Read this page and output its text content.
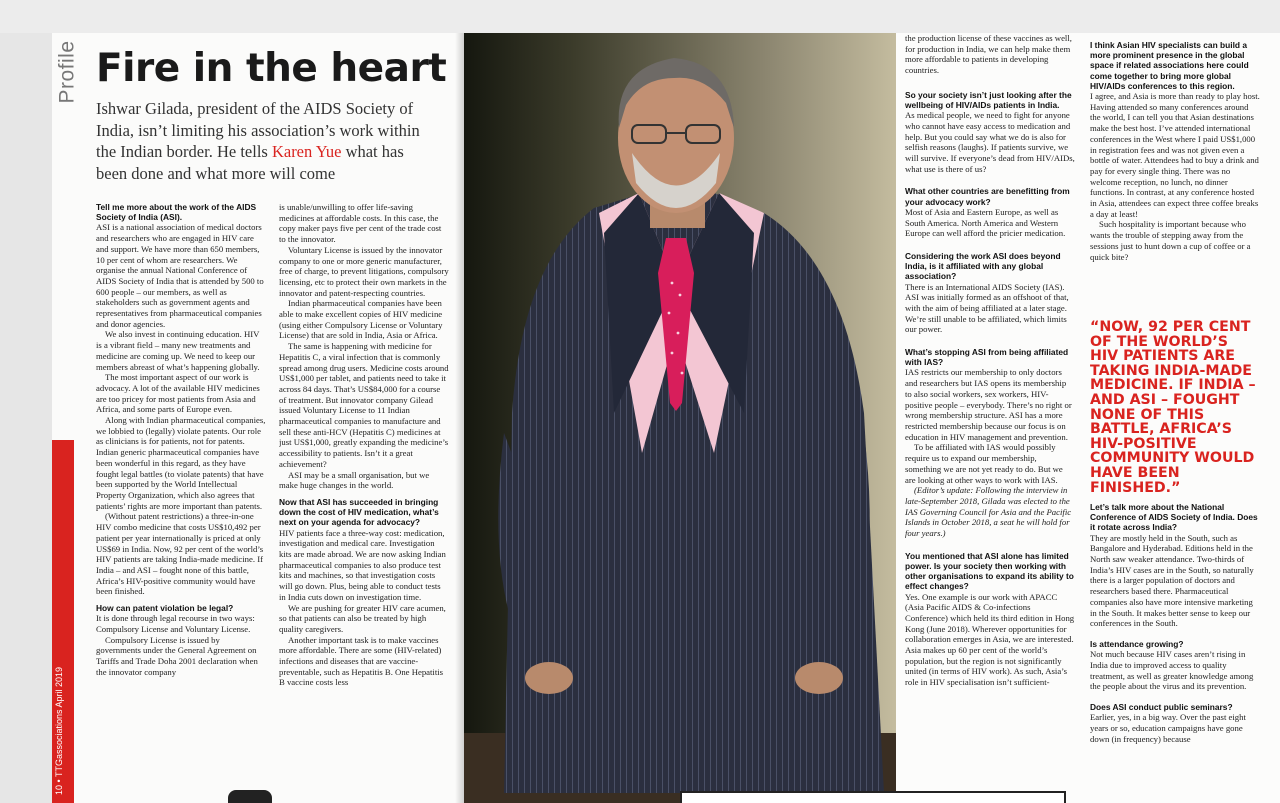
Profile
10 • TTGassociations April 2019
Fire in the heart

Ishwar Gilada, president of the AIDS Society of India, isn’t limiting his association’s work within the Indian border. He tells Karen Yue what has been done and what more will come

Tell me more about the work of the AIDS Society of India (ASI).

ASI is a national association of medical doctors and researchers who are engaged in HIV care and support. We have more than 650 members, 10 per cent of whom are researchers. We organise the annual National Conference of AIDS Society of India that is attended by 500 to 600 people – our members, as well as stakeholders such as government agents and representatives from pharmaceutical companies and donor agencies.

We also invest in continuing education. HIV is a vibrant field – many new treatments and medicine are coming up. We need to keep our members abreast of what’s happening globally.

The most important aspect of our work is advocacy. A lot of the available HIV medicines are too pricey for most patients from Asia and Africa, and some parts of Europe even.

Along with Indian pharmaceutical companies, we lobbied to (legally) violate patents. Our role as clinicians is for patients, not for patents. Indian generic pharmaceutical companies have been wonderful in this regard, as they have fought legal battles (to violate patents) that have been supported by the World Intellectual Property Organization, which also agrees that patients’ rights are more important than patents.

(Without patent restrictions) a three-in-one HIV combo medicine that costs US$10,492 per patient per year internationally is priced at only US$69 in India. Now, 92 per cent of the world’s HIV patients are taking India-made medicine. If India – and ASI – fought none of this battle, Africa’s HIV-positive community would have been finished.

How can patent violation be legal?

It is done through legal recourse in two ways: Compulsory License and Voluntary License.

Compulsory License is issued by governments under the General Agreement on Tariffs and Trade Doha 2001 declaration when the innovator company

is unable/unwilling to offer life-saving medicines at affordable costs. In this case, the copy maker pays five per cent of the trade cost to the innovator.

Voluntary License is issued by the innovator company to one or more generic manufacturer, free of charge, to prevent litigations, compulsory licensing, etc to protect their own markets in the innovator and patent-respecting countries.

Indian pharmaceutical companies have been able to make excellent copies of HIV medicine (using either Compulsory License or Voluntary License) that are sold in India, Asia or Africa.

The same is happening with medicine for Hepatitis C, a viral infection that is commonly spread among drug users. Medicine costs around US$1,000 per tablet, and patients need to take it across 84 days. That’s US$84,000 for a course of treatment. But innovator company Gilead issued Voluntary License to 11 Indian pharmaceutical companies to manufacture and sell these anti-HCV (Hepatitis C) medicines at just US$1,000, greatly expanding the medicine’s accessibility to patients. Isn’t it a great achievement?

ASI may be a small organisation, but we make huge changes in the world.

Now that ASI has succeeded in bringing down the cost of HIV medication, what’s next on your agenda for advocacy?

HIV patients face a three-way cost: medication, investigation and medical care. Investigation kits are made abroad. We are now asking Indian pharmaceutical companies to also produce test kits and machines, so that investigation costs will go down. Plus, being able to conduct tests in India cuts down on investigation time.

We are pushing for greater HIV care acumen, so that patients can also be treated by high quality caregivers.

Another important task is to make vaccines more affordable. There are some (HIV-related) infections and diseases that are vaccine-preventable, such as Hepatitis B. One Hepatitis B vaccine costs less

the production license of these vaccines as well, for production in India, we can help make them more affordable to patients in developing countries.

So your society isn’t just looking after the wellbeing of HIV/AIDs patients in India.

As medical people, we need to fight for anyone who cannot have easy access to medication and help. But you could say what we do is also for selfish reasons (laughs). If patients survive, we will survive. If everyone’s dead from HIV/AIDs, what use is there of us?

What other countries are benefitting from your advocacy work?

Most of Asia and Eastern Europe, as well as South America. North America and Western Europe can well afford the pricier medication.

Considering the work ASI does beyond India, is it affiliated with any global association?

There is an International AIDS Society (IAS). ASI was initially formed as an offshoot of that, with the aim of being affiliated at a later stage. We’re still unable to be affiliated, which limits our power.

What’s stopping ASI from being affiliated with IAS?

IAS restricts our membership to only doctors and researchers but IAS opens its membership to also social workers, sex workers, HIV-positive people – everybody. There’s no right or wrong membership structure. ASI has a more restricted membership because our focus is on education in HIV management and prevention.

To be affiliated with IAS would possibly require us to expand our membership, something we are not yet ready to do. But we are looking at other ways to work with IAS.

(Editor’s update: Following the interview in late-September 2018, Gilada was elected to the IAS Governing Council for Asia and the Pacific Islands in October 2018, a seat he will hold for four years.)

You mentioned that ASI alone has limited power. Is your society then working with other organisations to expand its ability to effect changes?

Yes. One example is our work with APACC (Asia Pacific AIDS & Co-infections Conference) which held its third edition in Hong Kong (June 2018). Wherever opportunities for collaboration emerges in Asia, we are interested. Asia makes up 60 per cent of the world’s population, but the region is not significantly united (in terms of HIV work). As such, Asia’s role in HIV specialisation isn’t sufficient-

I think Asian HIV specialists can build a more prominent presence in the global space if related associations here could come together to bring more global HIV/AIDs conferences to this region.

I agree, and Asia is more than ready to play host. Having attended so many conferences around the world, I can tell you that Asian destinations make the best host. I’ve attended international conferences in the West where I paid US$1,000 in registration fees and was not given even a bottle of water. Attendees had to buy a drink and pay for every single thing. There was no welcome reception, no lunch, no dinner functions. In contrast, at any conference hosted in Asia, attendees can expect three coffee breaks a day at least!

Such hospitality is important because who wants the trouble of stepping away from the sessions just to hunt down a cup of coffee or a quick bite?

“NOW, 92 PER CENT OF THE WORLD’S HIV PATIENTS ARE TAKING INDIA-MADE MEDICINE. IF INDIA – AND ASI – FOUGHT NONE OF THIS BATTLE, AFRICA’S HIV-POSITIVE COMMUNITY WOULD HAVE BEEN FINISHED.”
Let’s talk more about the National Conference of AIDS Society of India. Does it rotate across India?

They are mostly held in the South, such as Bangalore and Hyderabad. Editions held in the North saw weaker attendance. Two-thirds of India’s HIV cases are in the South, so naturally there is a larger population of doctors and researchers based there. Pharmaceutical companies also have more intensive marketing in the South. It makes better sense to keep our conferences in the South.

Is attendance growing?

Not much because HIV cases aren’t rising in India due to improved access to quality treatment, as well as greater knowledge among the people about the virus and its prevention.

Does ASI conduct public seminars?

Earlier, yes, in a big way. Over the past eight years or so, education campaigns have gone down (in frequency) because
